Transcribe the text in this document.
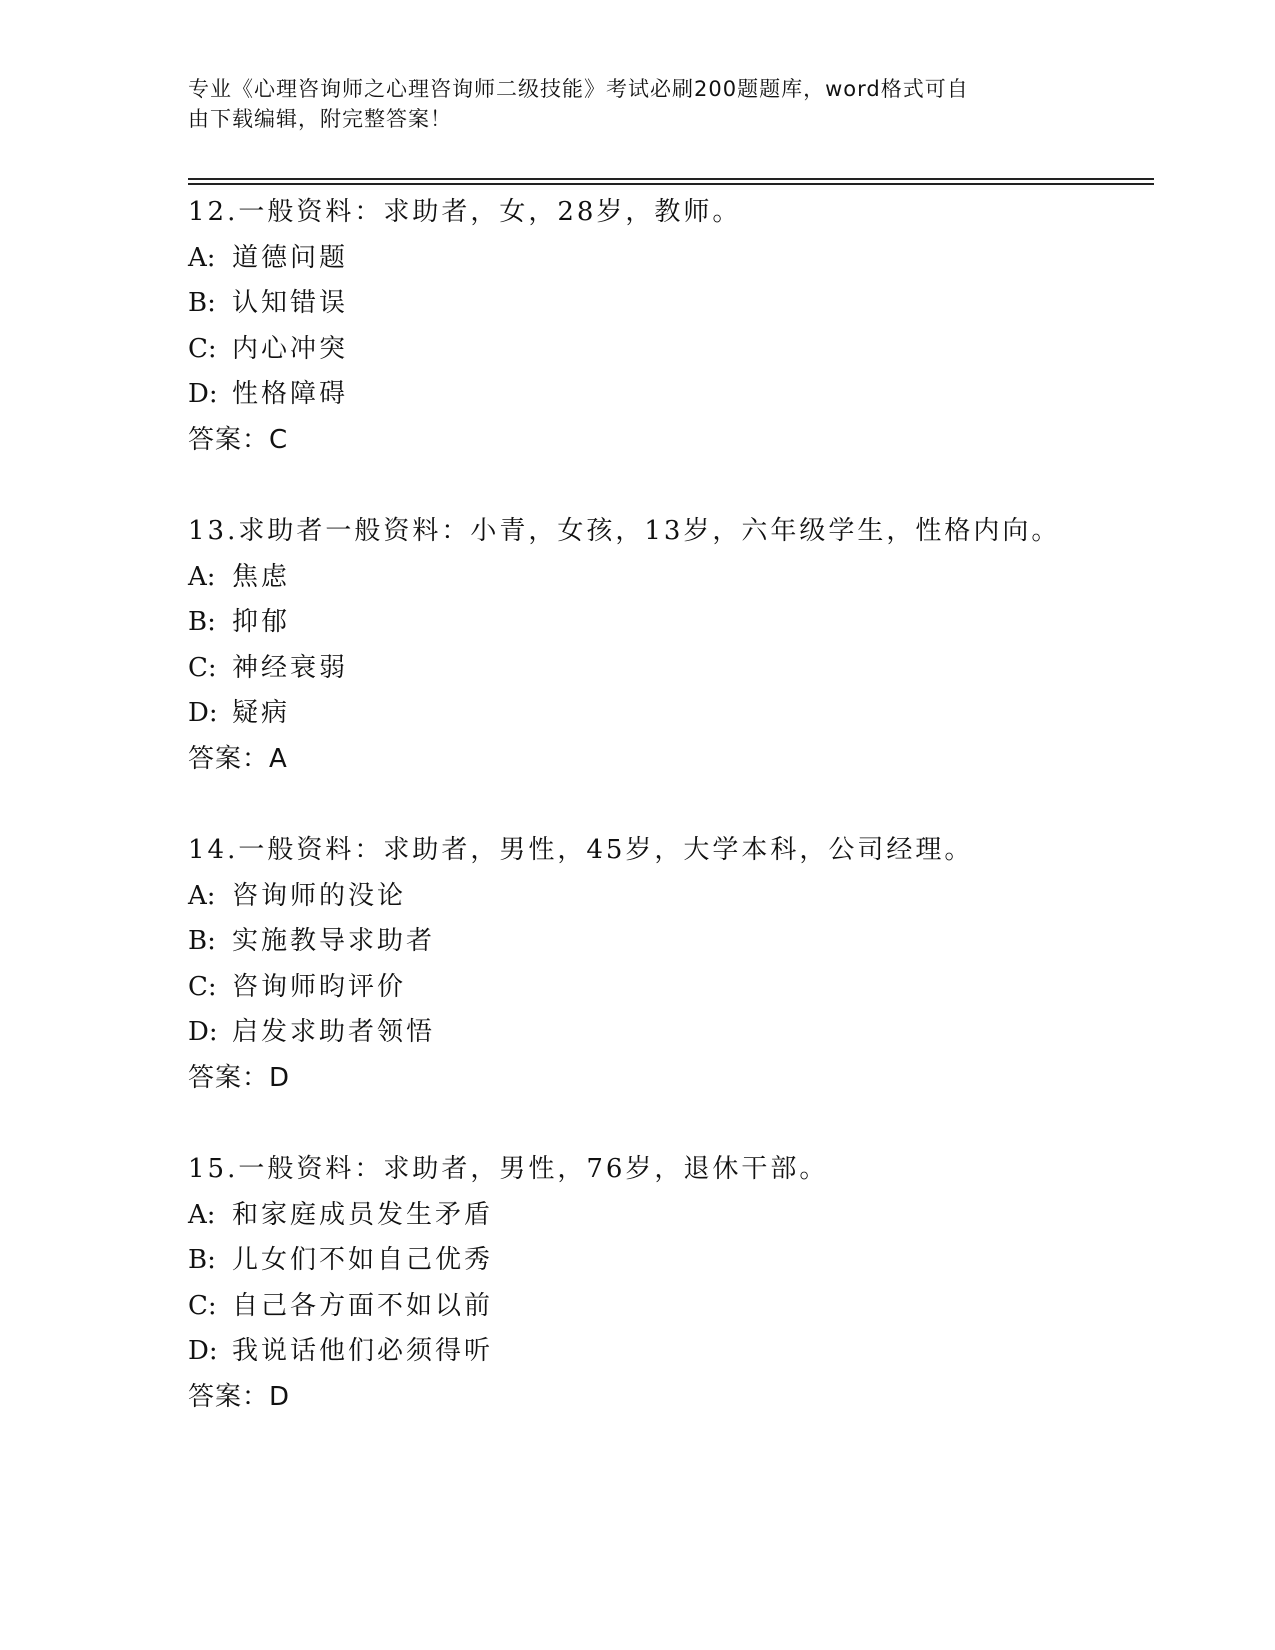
专业《心理咨询师之心理咨询师二级技能》考试必刷200题题库，word格式可自
由下载编辑，附完整答案！
12.一般资料：求助者，女，28岁，教师。
A: 道德问题
B: 认知错误
C: 内心冲突
D: 性格障碍
答案：C
13.求助者一般资料：小青，女孩，13岁，六年级学生，性格内向。
A: 焦虑
B: 抑郁
C: 神经衰弱
D: 疑病
答案：A
14.一般资料：求助者，男性，45岁，大学本科，公司经理。
A: 咨询师的没论
B: 实施教导求助者
C: 咨询师昀评价
D: 启发求助者领悟
答案：D
15.一般资料：求助者，男性，76岁，退休干部。
A: 和家庭成员发生矛盾
B: 儿女们不如自己优秀
C: 自己各方面不如以前
D: 我说话他们必须得听
答案：D
